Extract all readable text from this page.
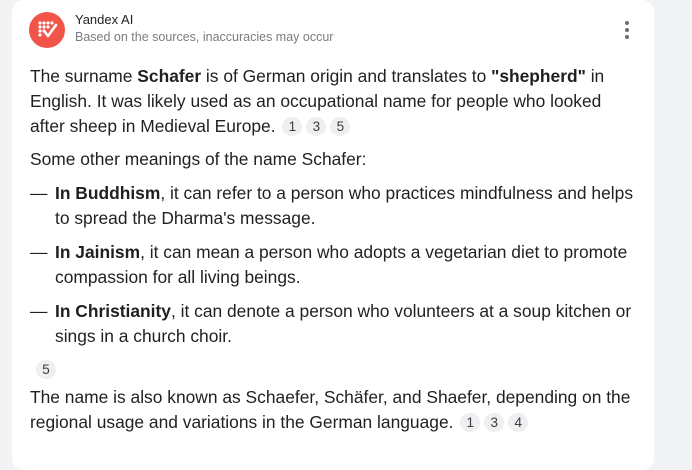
Yandex AI
Based on the sources, inaccuracies may occur

The surname Schafer is of German origin and translates to "shepherd" in English. It was likely used as an occupational name for people who looked after sheep in Medieval Europe. 1	3	5

Some other meanings of the name Schafer:

— In Buddhism, it can refer to a person who practices mindfulness and helps to spread the Dharma's message.
— In Jainism, it can mean a person who adopts a vegetarian diet to promote compassion for all living beings.
— In Christianity, it can denote a person who volunteers at a soup kitchen or sings in a church choir.
5

The name is also known as Schaefer, Schäfer, and Shaefer, depending on the regional usage and variations in the German language. 1	3	4
